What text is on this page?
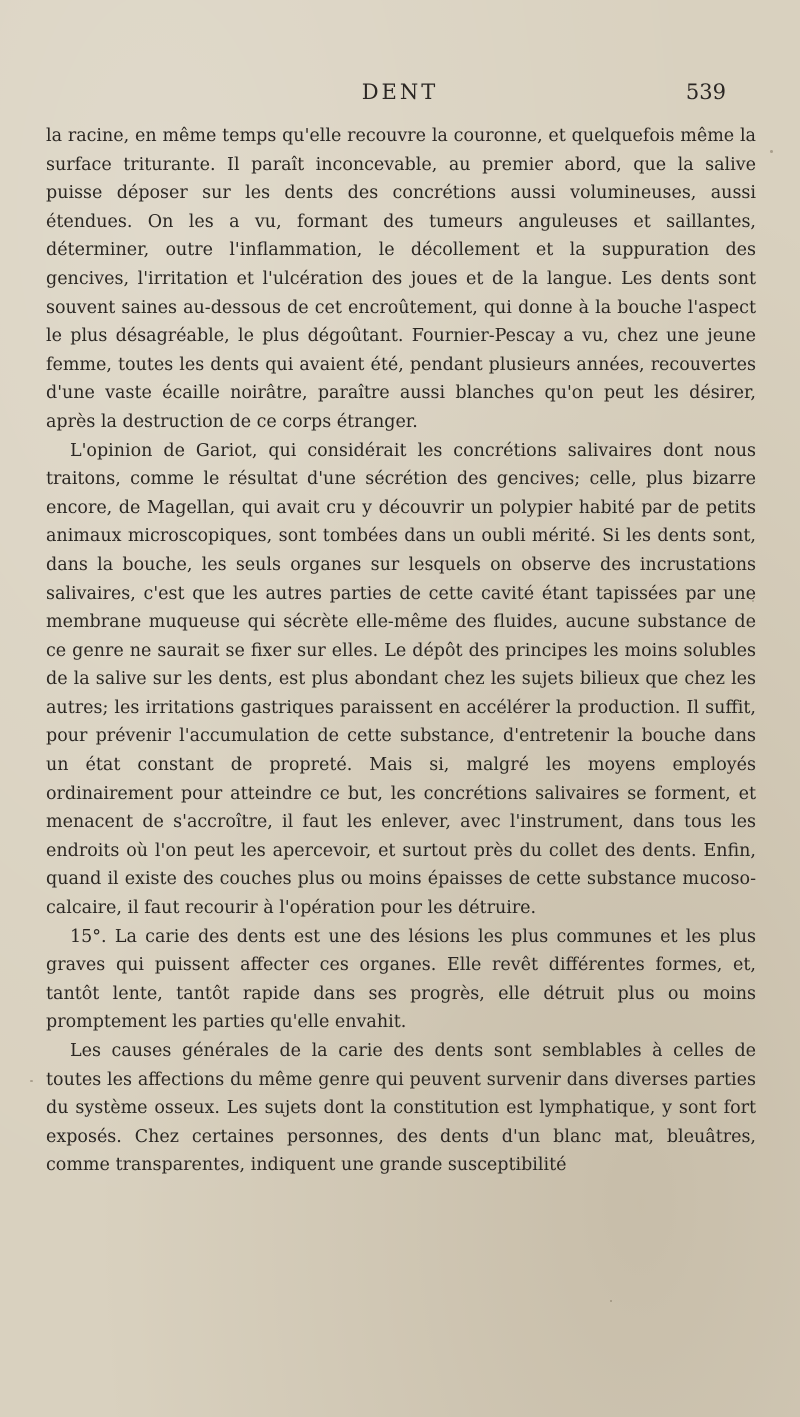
DENT	539

la racine, en même temps qu'elle recouvre la couronne, et quelquefois même la surface triturante. Il paraît inconcevable, au premier abord, que la salive puisse déposer sur les dents des concrétions aussi volumineuses, aussi étendues. On les a vu, formant des tumeurs anguleuses et saillantes, déterminer, outre l'inflammation, le décollement et la suppuration des gencives, l'irritation et l'ulcération des joues et de la langue. Les dents sont souvent saines au-dessous de cet encroûtement, qui donne à la bouche l'aspect le plus désagréable, le plus dégoûtant. Fournier-Pescay a vu, chez une jeune femme, toutes les dents qui avaient été, pendant plusieurs années, recouvertes d'une vaste écaille noirâtre, paraître aussi blanches qu'on peut les désirer, après la destruction de ce corps étranger.

L'opinion de Gariot, qui considérait les concrétions salivaires dont nous traitons, comme le résultat d'une sécrétion des gencives; celle, plus bizarre encore, de Magellan, qui avait cru y découvrir un polypier habité par de petits animaux microscopiques, sont tombées dans un oubli mérité. Si les dents sont, dans la bouche, les seuls organes sur lesquels on observe des incrustations salivaires, c'est que les autres parties de cette cavité étant tapissées par une membrane muqueuse qui sécrète elle-même des fluides, aucune substance de ce genre ne saurait se fixer sur elles. Le dépôt des principes les moins solubles de la salive sur les dents, est plus abondant chez les sujets bilieux que chez les autres; les irritations gastriques paraissent en accélérer la production. Il suffit, pour prévenir l'accumulation de cette substance, d'entretenir la bouche dans un état constant de propreté. Mais si, malgré les moyens employés ordinairement pour atteindre ce but, les concrétions salivaires se forment, et menacent de s'accroître, il faut les enlever, avec l'instrument, dans tous les endroits où l'on peut les apercevoir, et surtout près du collet des dents. Enfin, quand il existe des couches plus ou moins épaisses de cette substance mucoso-calcaire, il faut recourir à l'opération pour les détruire.

15°. La carie des dents est une des lésions les plus communes et les plus graves qui puissent affecter ces organes. Elle revêt différentes formes, et, tantôt lente, tantôt rapide dans ses progrès, elle détruit plus ou moins promptement les parties qu'elle envahit.

Les causes générales de la carie des dents sont semblables à celles de toutes les affections du même genre qui peuvent survenir dans diverses parties du système osseux. Les sujets dont la constitution est lymphatique, y sont fort exposés. Chez certaines personnes, des dents d'un blanc mat, bleuâtres, comme transparentes, indiquent une grande susceptibilité
